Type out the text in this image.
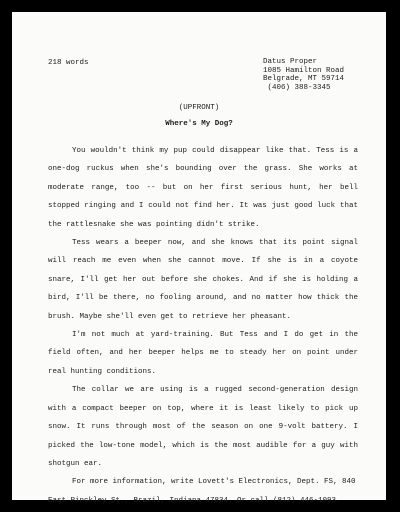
218 words	Datus Proper
1085 Hamilton Road
Belgrade, MT 59714
(406) 388-3345
(UPFRONT)
Where's My Dog?

You wouldn't think my pup could disappear like that. Tess is a one-dog ruckus when she's bounding over the grass. She works at moderate range, too -- but on her first serious hunt, her bell stopped ringing and I could not find her. It was just good luck that the rattlesnake she was pointing didn't strike.

Tess wears a beeper now, and she knows that its point signal will reach me even when she cannot move. If she is in a coyote snare, I'll get her out before she chokes. And if she is holding a bird, I'll be there, no fooling around, and no matter how thick the brush. Maybe she'll even get to retrieve her pheasant.

I'm not much at yard-training. But Tess and I do get in the field often, and her beeper helps me to steady her on point under real hunting conditions.

The collar we are using is a rugged second-generation design with a compact beeper on top, where it is least likely to pick up snow. It runs through most of the season on one 9-volt battery. I picked the low-tone model, which is the most audible for a guy with shotgun ear.

For more information, write Lovett's Electronics, Dept. FS, 840 East Pinckley St., Brazil, Indiana 47834. Or call (812) 446-1093.
